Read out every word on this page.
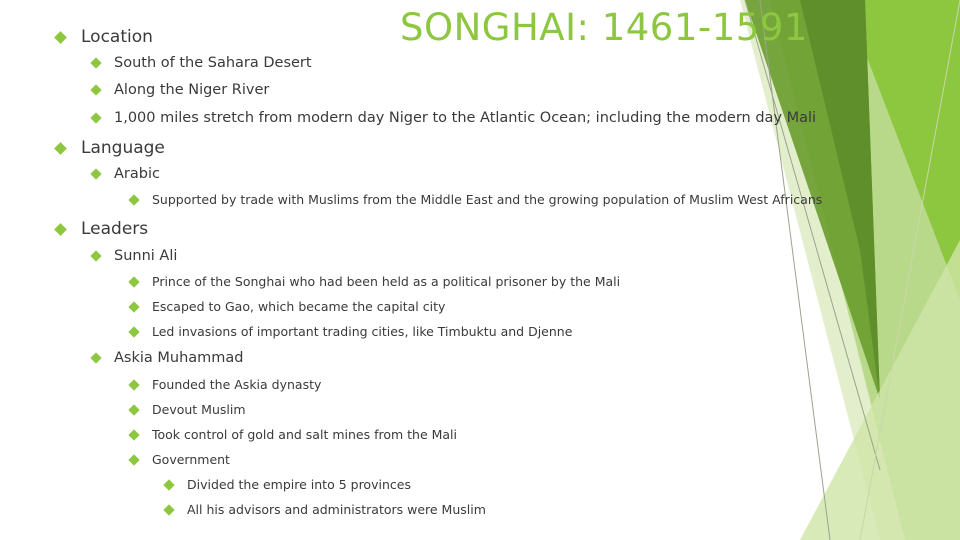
SONGHAI: 1461-1591
Location
South of the Sahara Desert
Along the Niger River
1,000 miles stretch from modern day Niger to the Atlantic Ocean; including the modern day Mali
Language
Arabic
Supported by trade with Muslims from the Middle East and the growing population of Muslim West Africans
Leaders
Sunni Ali
Prince of the Songhai who had been held as a political prisoner by the Mali
Escaped to Gao, which became the capital city
Led invasions of important trading cities, like Timbuktu and Djenne
Askia Muhammad
Founded the Askia dynasty
Devout Muslim
Took control of gold and salt mines from the Mali
Government
Divided the empire into 5 provinces
All his advisors and administrators were Muslim
